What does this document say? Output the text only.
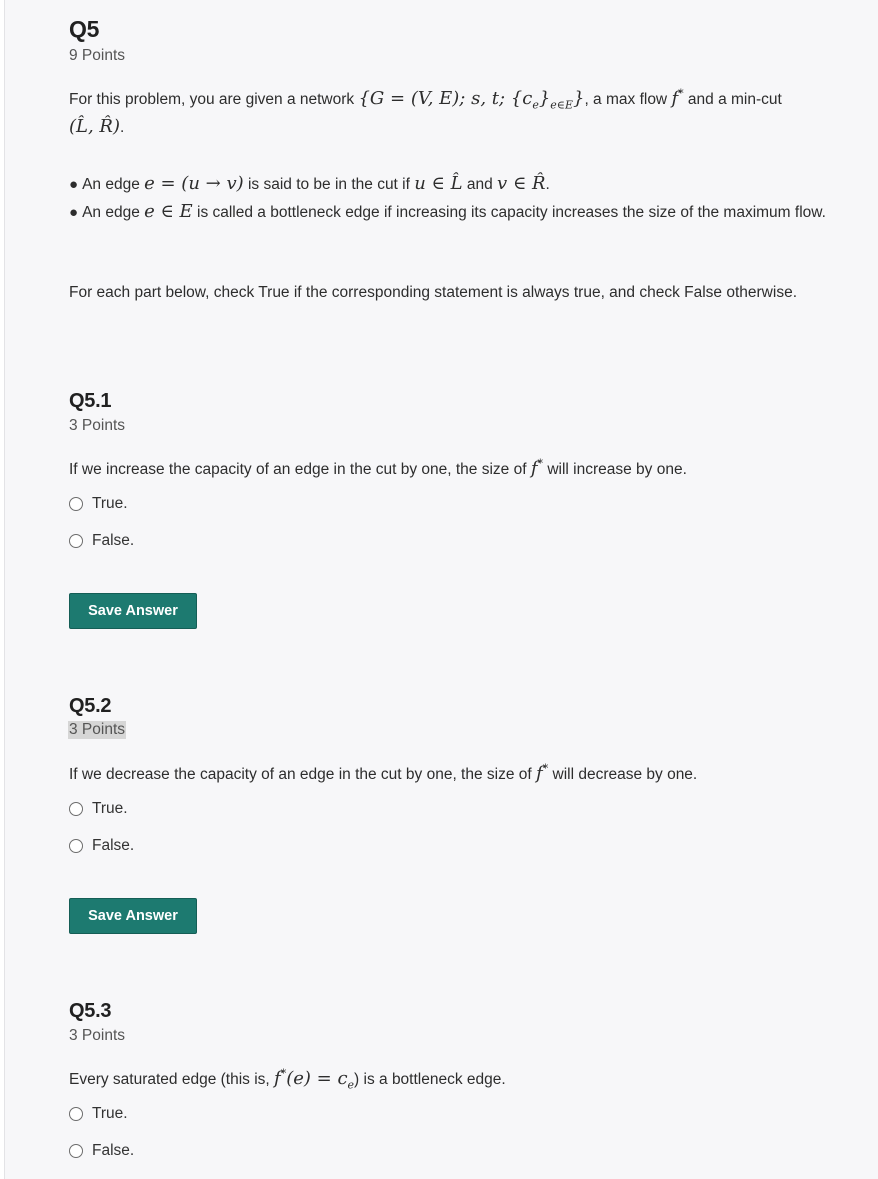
Q5
9 Points
For this problem, you are given a network {G = (V, E); s, t; $\{c_e\}_{e\in E}$}, a max flow f* and a min-cut (L̂, R̂).
● An edge e = (u → v) is said to be in the cut if u ∈ L̂ and v ∈ R̂.
● An edge e ∈ E is called a bottleneck edge if increasing its capacity increases the size of the maximum flow.
For each part below, check True if the corresponding statement is always true, and check False otherwise.
Q5.1
3 Points
If we increase the capacity of an edge in the cut by one, the size of f* will increase by one.
True.
False.
Save Answer
Q5.2
3 Points
If we decrease the capacity of an edge in the cut by one, the size of f* will decrease by one.
True.
False.
Save Answer
Q5.3
3 Points
Every saturated edge (this is, $f^*(e) = c_e$) is a bottleneck edge.
True.
False.
